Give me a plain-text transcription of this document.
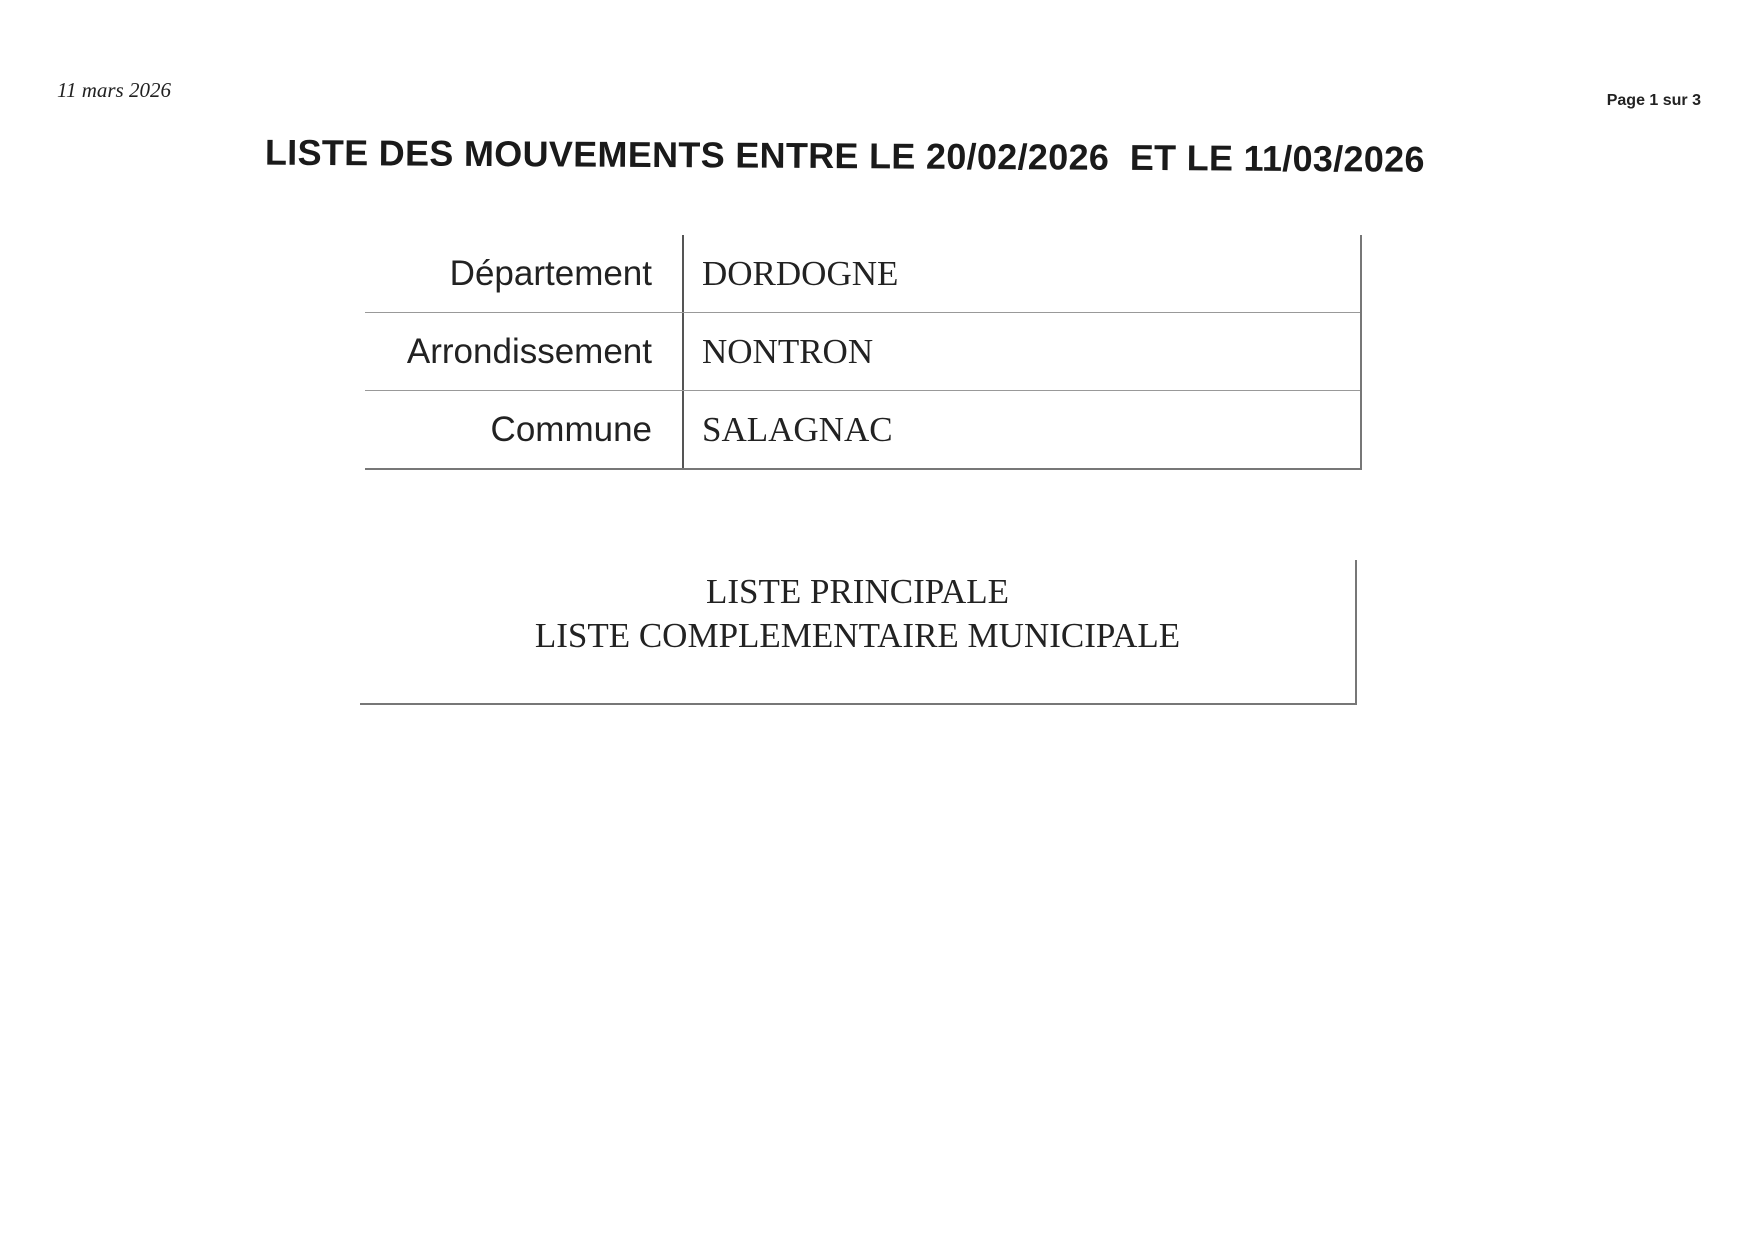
11 mars 2026	Page 1 sur 3
LISTE DES MOUVEMENTS ENTRE LE 20/02/2026  ET LE 11/03/2026
Département	DORDOGNE
Arrondissement	NONTRON
Commune	SALAGNAC
LISTE PRINCIPALE
LISTE COMPLEMENTAIRE MUNICIPALE
